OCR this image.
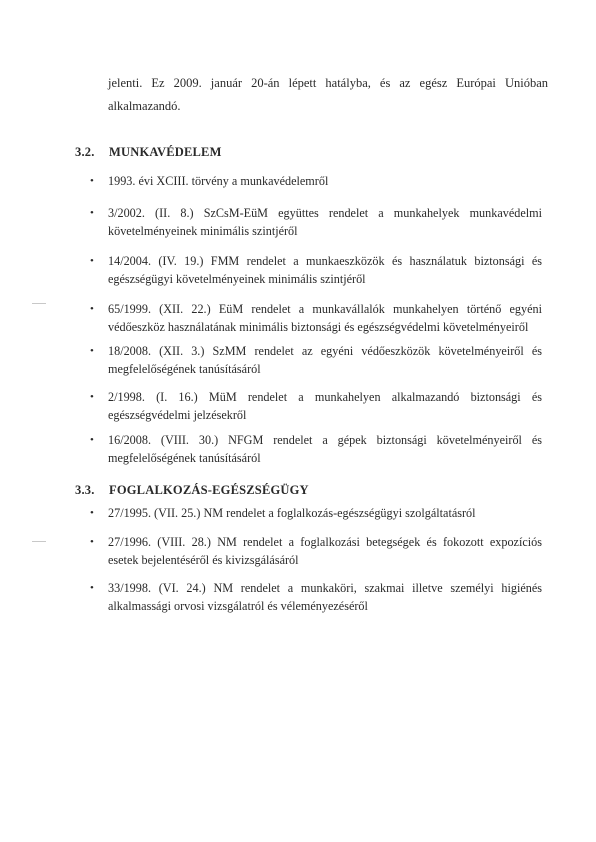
jelenti. Ez 2009. január 20-án lépett hatályba, és az egész Európai Unióban alkalmazandó.

3.2. MUNKAVÉDELEM
• 1993. évi XCIII. törvény a munkavédelemről
• 3/2002. (II. 8.) SzCsM-EüM együttes rendelet a munkahelyek munkavédelmi követelményeinek minimális szintjéről
• 14/2004. (IV. 19.) FMM rendelet a munkaeszközök és használatuk biztonsági és egészségügyi követelményeinek minimális szintjéről
• 65/1999. (XII. 22.) EüM rendelet a munkavállalók munkahelyen történő egyéni védőeszköz használatának minimális biztonsági és egészségvédelmi követelményeiről
• 18/2008. (XII. 3.) SzMM rendelet az egyéni védőeszközök követelményeiről és megfelelőségének tanúsításáról
• 2/1998. (I. 16.) MüM rendelet a munkahelyen alkalmazandó biztonsági és egészségvédelmi jelzésekről
• 16/2008. (VIII. 30.) NFGM rendelet a gépek biztonsági követelményeiről és megfelelőségének tanúsításáról
3.3. FOGLALKOZÁS-EGÉSZSÉGÜGY
• 27/1995. (VII. 25.) NM rendelet a foglalkozás-egészségügyi szolgáltatásról
• 27/1996. (VIII. 28.) NM rendelet a foglalkozási betegségek és fokozott expozíciós esetek bejelentéséről és kivizsgálásáról
• 33/1998. (VI. 24.) NM rendelet a munkaköri, szakmai illetve személyi higiénés alkalmassági orvosi vizsgálatról és véleményezéséről
